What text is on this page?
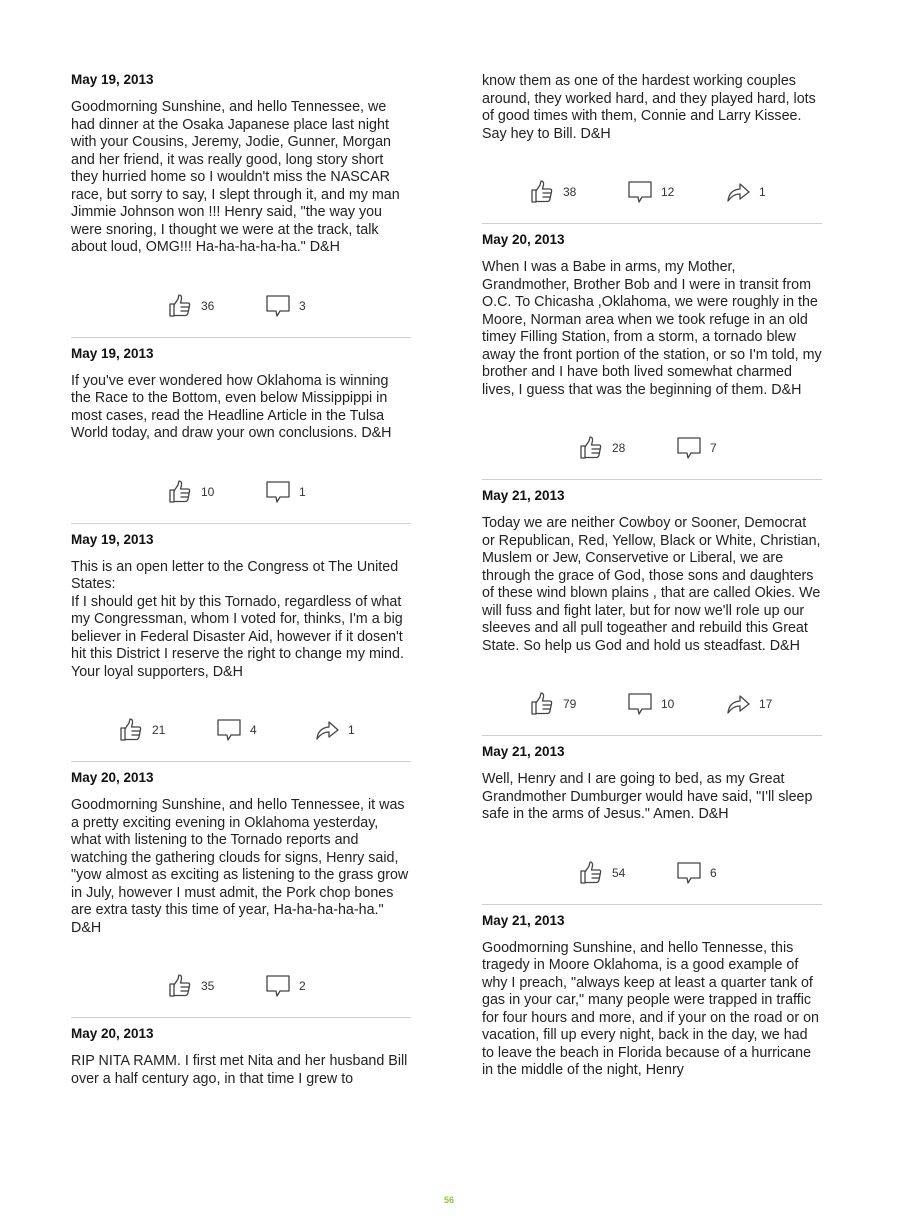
May 19, 2013

Goodmorning Sunshine, and hello Tennessee, we had dinner at the Osaka Japanese place last night with your Cousins, Jeremy, Jodie, Gunner, Morgan and her friend, it was really good, long story short they hurried home so I wouldn't miss the NASCAR race, but sorry to say, I slept through it, and my man Jimmie Johnson won !!! Henry said, "the way you were snoring, I thought we were at the track, talk about loud, OMG!!! Ha-ha-ha-ha-ha." D&H

36	3
May 19, 2013

If you've ever wondered how Oklahoma is winning the Race to the Bottom, even below Missippippi in most cases, read the Headline Article in the Tulsa World today, and draw your own conclusions. D&H

10	1
May 19, 2013

This is an open letter to the Congress ot The United States:
If I should get hit by this Tornado, regardless of what my Congressman, whom I voted for, thinks, I'm a big believer in Federal Disaster Aid, however if it dosen't hit this District I reserve the right to change my mind.
Your loyal supporters, D&H

21	4	1
May 20, 2013

Goodmorning Sunshine, and hello Tennessee, it was a pretty exciting evening in Oklahoma yesterday, what with listening to the Tornado reports and watching the gathering clouds for signs, Henry said, "yow almost as exciting as listening to the grass grow in July, however I must admit, the Pork chop bones are extra tasty this time of year, Ha-ha-ha-ha-ha." D&H

35	2
May 20, 2013

RIP NITA RAMM. I first met Nita and her husband Bill over a half century ago, in that time I grew to

know them as one of the hardest working couples around, they worked hard, and they played hard, lots of good times with them, Connie and Larry Kissee. Say hey to Bill. D&H

38	12	1
May 20, 2013

When I was a Babe in arms, my Mother, Grandmother, Brother Bob and I were in transit from O.C. To Chicasha ,Oklahoma, we were roughly in the Moore, Norman area when we took refuge in an old timey Filling Station, from a storm, a tornado blew away the front portion of the station, or so I'm told, my brother and I have both lived somewhat charmed lives, I guess that was the beginning of them. D&H

28	7
May 21, 2013

Today we are neither Cowboy or Sooner, Democrat or Republican, Red, Yellow, Black or White, Christian, Muslem or Jew, Conservetive or Liberal, we are through the grace of God, those sons and daughters of these wind blown plains , that are called Okies. We will fuss and fight later, but for now we'll role up our sleeves and all pull togeather and rebuild this Great State. So help us God and hold us steadfast. D&H

79	10	17
May 21, 2013

Well, Henry and I are going to bed, as my Great Grandmother Dumburger would have said, "I'll sleep safe in the arms of Jesus." Amen. D&H

54	6
May 21, 2013

Goodmorning Sunshine, and hello Tennesse, this tragedy in Moore Oklahoma, is a good example of why I preach, "always keep at least a quarter tank of gas in your car," many people were trapped in traffic for four hours and more, and if your on the road or on vacation, fill up every night, back in the day, we had to leave the beach in Florida because of a hurricane in the middle of the night, Henry

56
